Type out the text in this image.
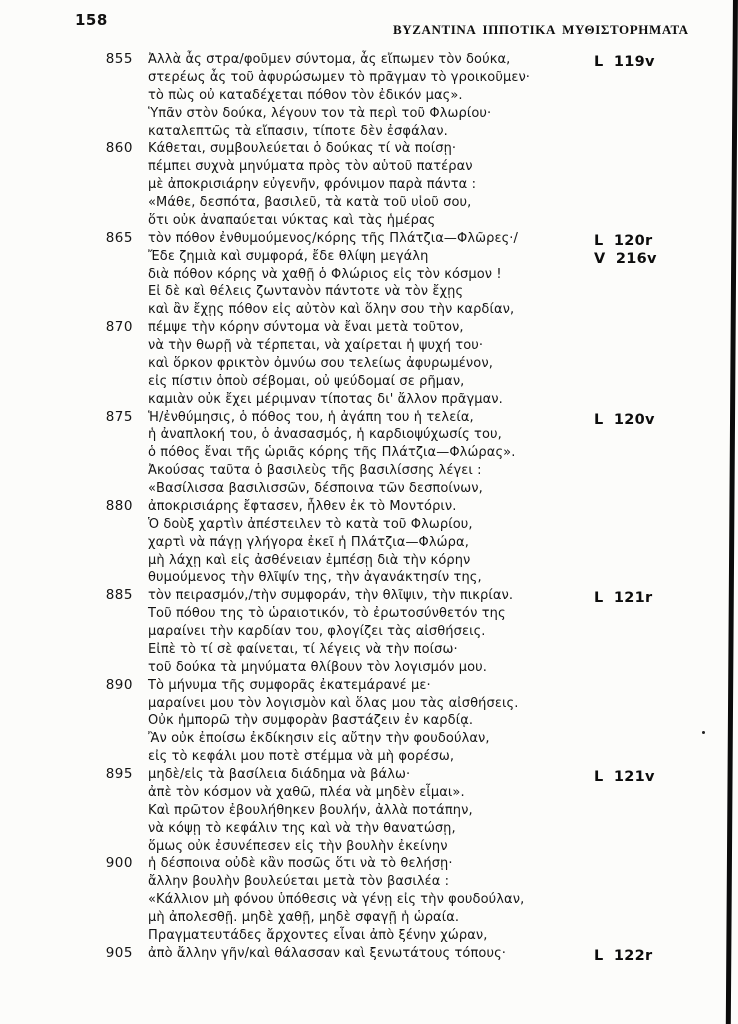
158
ΒΥΖΑΝΤΙΝΑ ΙΠΠΟΤΙΚΑ ΜΥΘΙΣΤΟΡΗΜΑΤΑ
855 Ἀλλὰ ἆς στρα/φοῦμεν σύντομα, ἆς εἴπωμεν τὸν δούκα,
στερέως ἆς τοῦ ἀφυρώσωμεν τὸ πρᾶγμαν τὸ γροικοῦμεν·
τὸ πὼς οὐ καταδέχεται πόθον τὸν ἐδικόν μας».
Ὑπᾶν στὸν δούκα, λέγουν τον τὰ περὶ τοῦ Φλωρίου·
καταλεπτῶς τὰ εἴπασιν, τίποτε δὲν ἐσφάλαν.
860 Κάθεται, συμβουλεύεται ὁ δούκας τί νὰ ποίσῃ·
πέμπει συχνὰ μηνύματα πρὸς τὸν αὑτοῦ πατέραν
μὲ ἀποκρισιάρην εὐγενῆν, φρόνιμον παρὰ πάντα :
«Μάθε, δεσπότα, βασιλεῦ, τὰ κατὰ τοῦ υἱοῦ σου,
ὅτι οὐκ ἀναπαύεται νύκτας καὶ τὰς ἡμέρας
865 τὸν πόθον ἐνθυμούμενος/κόρης τῆς Πλάτζια—Φλῶρες·/
Ἔδε ζημιὰ καὶ συμφορά, ἔδε θλίψη μεγάλη
διὰ πόθον κόρης νὰ χαθῇ ὁ Φλώριος εἰς τὸν κόσμον !
Εἰ δὲ καὶ θέλεις ζωντανὸν πάντοτε νὰ τὸν ἔχῃς
καὶ ἂν ἔχῃς πόθον εἰς αὐτὸν καὶ ὅλην σου τὴν καρδίαν,
870 πέμψε τὴν κόρην σύντομα νὰ ἔναι μετὰ τοῦτον,
νὰ τὴν θωρῇ νὰ τέρπεται, νὰ χαίρεται ἡ ψυχή του·
καὶ ὅρκον φρικτὸν ὀμνύω σου τελείως ἀφυρωμένον,
εἰς πίστιν ὁποὺ σέβομαι, οὐ ψεύδομαί σε ρῆμαν,
καμιὰν οὐκ ἔχει μέριμναν τίποτας δι' ἄλλον πρᾶγμαν.
875 Ἡ/ἐνθύμησις, ὁ πόθος του, ἡ ἀγάπη του ἡ τελεία,
ἡ ἀναπλοκή του, ὁ ἀνασασμός, ἡ καρδιοψύχωσίς του,
ὁ πόθος ἔναι τῆς ὡριᾶς κόρης τῆς Πλάτζια—Φλώρας».
Ἀκούσας ταῦτα ὁ βασιλεὺς τῆς βασιλίσσης λέγει :
«Βασίλισσα βασιλισσῶν, δέσποινα τῶν δεσποίνων,
880 ἀποκρισιάρης ἔφτασεν, ἦλθεν ἐκ τὸ Μοντόριν.
Ὁ δοὺξ χαρτὶν ἀπέστειλεν τὸ κατὰ τοῦ Φλωρίου,
χαρτὶ νὰ πάγῃ γλήγορα ἐκεῖ ἡ Πλάτζια—Φλώρα,
μὴ λάχῃ καὶ εἰς ἀσθένειαν ἐμπέσῃ διὰ τὴν κόρην
θυμούμενος τὴν θλῖψίν της, τὴν ἀγανάκτησίν της,
885 τὸν πειρασμόν,/τὴν συμφοράν, τὴν θλῖψιν, τὴν πικρίαν.
Τοῦ πόθου της τὸ ὡραιοτικόν, τὸ ἐρωτοσύνθετόν της
μαραίνει τὴν καρδίαν του, φλογίζει τὰς αἰσθήσεις.
Εἰπὲ τὸ τί σὲ φαίνεται, τί λέγεις νὰ τὴν ποίσω·
τοῦ δούκα τὰ μηνύματα θλίβουν τὸν λογισμόν μου.
890 Τὸ μήνυμα τῆς συμφορᾶς ἐκατεμάρανέ με·
μαραίνει μου τὸν λογισμὸν καὶ ὅλας μου τὰς αἰσθήσεις.
Οὐκ ἠμπορῶ τὴν συμφορὰν βαστάζειν ἐν καρδίᾳ.
Ἂν οὐκ ἐποίσω ἐκδίκησιν εἰς αὔτην τὴν φουδούλαν,
εἰς τὸ κεφάλι μου ποτὲ στέμμα νὰ μὴ φορέσω,
895 μηδὲ/εἰς τὰ βασίλεια διάδημα νὰ βάλω·
ἀπὲ τὸν κόσμον νὰ χαθῶ, πλέα νὰ μηδὲν εἶμαι».
Καὶ πρῶτον ἐβουλήθηκεν βουλήν, ἀλλὰ ποτάπην,
νὰ κόψῃ τὸ κεφάλιν της καὶ νὰ τὴν θανατώσῃ,
ὅμως οὐκ ἐσυνέπεσεν εἰς τὴν βουλὴν ἐκείνην
900 ἡ δέσποινα οὐδὲ κἂν ποσῶς ὅτι νὰ τὸ θελήσῃ·
ἄλλην βουλὴν βουλεύεται μετὰ τὸν βασιλέα :
«Κάλλιον μὴ φόνου ὑπόθεσις νὰ γένῃ εἰς τὴν φουδούλαν,
μὴ ἀπολεσθῇ. μηδὲ χαθῇ, μηδὲ σφαγῇ ἡ ὡραία.
Πραγματευτάδες ἄρχοντες εἶναι ἀπὸ ξένην χώραν,
905 ἀπὸ ἄλλην γῆν/καὶ θάλασσαν καὶ ξενωτάτους τόπους·
L 119v
L 120r
V 216v
L 120v
L 121r
L 121v
L 122r
